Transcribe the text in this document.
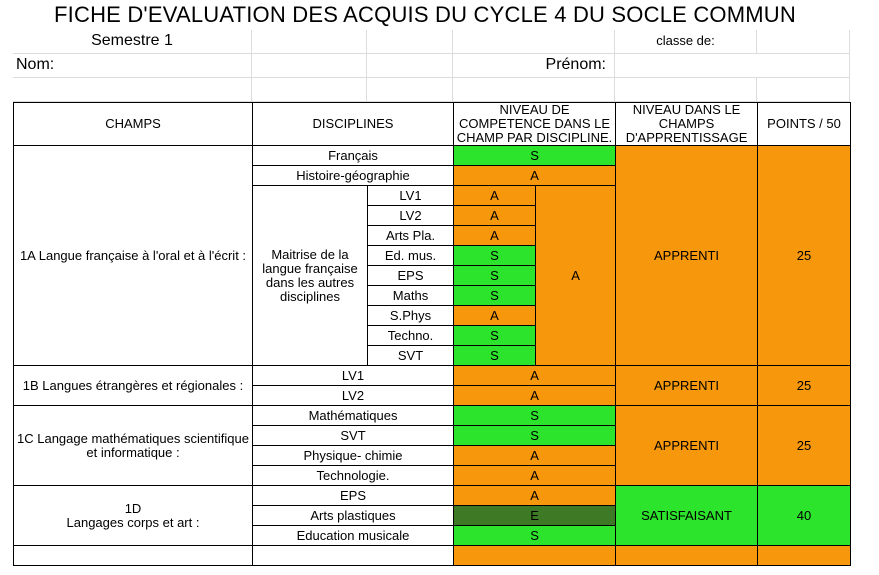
FICHE D'EVALUATION DES ACQUIS DU CYCLE 4 DU SOCLE COMMUN
Semestre 1	classe de:
Nom:	Prénom:
CHAMPS	DISCIPLINES		NIVEAU DE COMPETENCE DANS LE CHAMP PAR DISCIPLINE.		NIVEAU DANS LE CHAMPS D'APPRENTISSAGE	POINTS / 50
1A Langue française à l'oral et à l'écrit :	Français		S		APPRENTI	25
	Histoire-géographie		A			
	Maitrise de la langue française dans les autres disciplines	LV1	A	A		
		LV2	A			
		Arts Pla.	A			
		Ed. mus.	S			
		EPS	S			
		Maths	S			
		S.Phys	A			
		Techno.	S			
		SVT	S			
1B Langues étrangères et régionales :	LV1		A		APPRENTI	25
	LV2		A			
1C Langage mathématiques scientifique et informatique :	Mathématiques		S		APPRENTI	25
	SVT		S			
	Physique- chimie		A			
	Technologie.		A			
1D
Langages corps et art :	EPS		A		SATISFAISANT	40
	Arts plastiques		E			
	Education musicale		S			
